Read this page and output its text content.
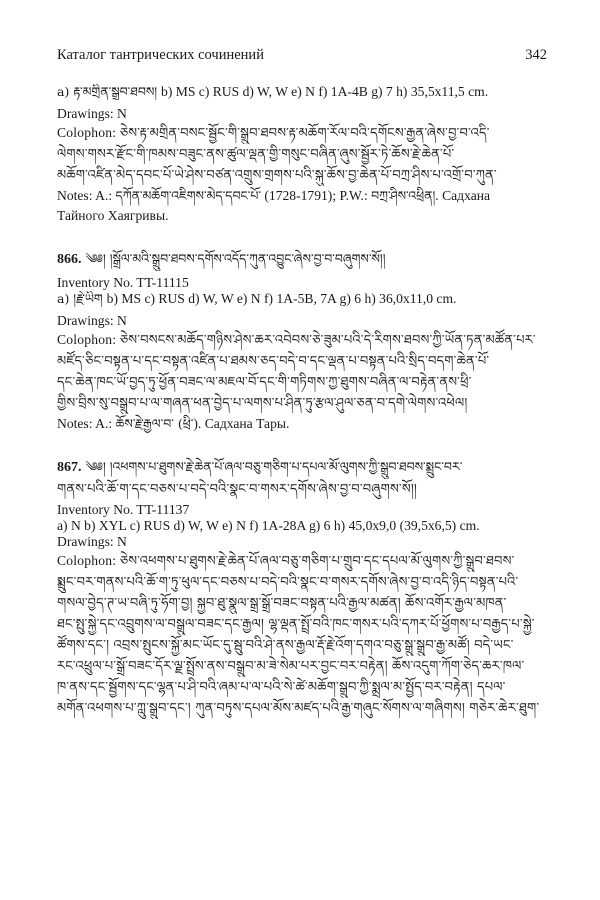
Каталог тантрических сочинений	342
a) རྟ་མགྲིན་སྒྲུབ་ཐབས། b) MS c) RUS d) W, W e) N f) 1A-4B g) 7 h) 35,5x11,5 cm.
Drawings: N
Colophon: ཅེས་རྟ་མགྲིན་བསང་སྦྱོང་གི་སྒྲུབ་ཐབས་རྟ་མཆོག་རོལ་བའི་དགོངས་རྒྱན་ཞེས་བྱ་བ་འདི་
ལེགས་གསར་རྫོང་གི་ཁམས་བཟུང་ནས་ཚུལ་ལྡན་གྱི་གསུང་བཞིན་ཞུས་སྦྱོར་ཏེ་ཆོས་རྗེ་ཆེན་པོ་
མཆོག་འཛིན་མེད་དབང་པོ་ཡེ་ཤེས་བཙན་འགྲུས་གྲགས་པའི་སྐུ་ཆོས་བྱ་ཆེན་པོ་བཀྲ་ཤིས་པ་འགྲོ་བ་ཀུན་
Notes: A.: དཀོན་མཆོག་འཇིགས་མེད་དབང་པོ་ (1728-1791); P.W.: བཀྲ་ཤིས་འཕྲིན།. Садхана
Тайного Хаягривы.
866. ༄༅། །སྒྲོལ་མའི་སྒྲུབ་ཐབས་དགོས་འདོད་ཀུན་འབྱུང་ཞེས་བྱ་བ་བཞུགས་སོ།།
Inventory No. TT-11115
a) །རྗེ་ཡིག b) MS c) RUS d) W, W e) N f) 1A-5B, 7A g) 6 h) 36,0x11,0 cm.
Drawings: N
Colophon: ཅེས་བསངས་མཆོད་གཉིས་ཤེས་ཆར་འབེབས་ཅེ་ཟུམ་པའི་དེ་རིགས་ཐབས་ཀྱི་ཡོན་ཏན་མཚོན་པར་
མཛོད་ཅིང་བསྟན་པ་དང་བསྟན་འཛིན་པ་ཐམས་ཅད་བདེ་བ་དང་ལྡན་པ་བསྟན་པའི་སྲིད་བདག་ཆེན་པོ་
དང་ཆེན་ཁང་ཡོ་བྱད་ཏུ་ཕྱོན་བཟང་ལ་མཇལ་བོ་དང་གི་གཏིགས་ཀྱ་ཐུགས་བཞིན་ལ་བརྟེན་ནས་ཕྲི་
གྱིས་བྲིས་སུ་བསྒྲུབ་པ་ལ་གཞན་ཕན་བྱེད་པ་ལགས་པ་ཤིན་ཏུ་རྩལ་ཤུལ་ཅན་བ་དགེ་ལེགས་འཕེལ།
Notes: A.: ཆོས་རྗེ་རྒྱལ་བ་ (ཕྲི་). Садхана Тары.
867. ༄༅། །འཕགས་པ་ཐུགས་རྗེ་ཆེན་པོ་ཞལ་བཅུ་གཅིག་པ་དཔལ་མོ་ལུགས་ཀྱི་སྒྲུབ་ཐབས་སྨྲུང་བར་
གནས་པའི་ཆོ་ག་དང་བཅས་པ་བདེ་བའི་སྣང་བ་གསར་དགོས་ཞེས་བྱ་བ་བཞུགས་སོ།།
Inventory No. TT-11137
a) N b) XYL c) RUS d) W, W e) N f) 1A-28A g) 6 h) 45,0x9,0 (39,5x6,5) cm.
Drawings: N
Colophon: ཅེས་འཕགས་པ་ཐུགས་རྗེ་ཆེན་པོ་ཞལ་བཅུ་གཅིག་པ་གྲུབ་དང་དཔལ་མོ་ལུགས་ཀྱི་སྒྲུབ་ཐབས་
སྨྲུང་བར་གནས་པའི་ཆོ་ག་ཏུ་ཕུལ་དང་བཅས་པ་བདེ་བའི་སྣང་བ་གསར་དགོས་ཞེས་བྱ་བ་འདི་ཉིད་བསྟན་པའི་
གསལ་བྱེད་ཊ་ཡ་བཞི་ཏུ་ཧོག་བྱ། སྐྱབ་ཐུ་སྣུལ་སྒྲ་སྒྲོ་བཟང་བསྟན་པའི་རྒྱལ་མཚན། ཆོས་འགོར་རྒྱལ་མཁན་
ཐང་སྤུ་སྐྱེ་དང་འབྲུགས་ལ་བསྒྲུལ་བཟང་དང་རྒྱལ། ལྷ་ལྡན་སྤྲོ་བའི་ཁང་གསར་པའི་དཀར་པོ་ཕྱོགས་པ་བརྒྱད་པ་སྐྱེ་
ཚོགས་དང་། འབྲས་སྤུངས་སྐྱོ་མང་ཡོང་དུ་སྦུ་བའི་ཤེ་ནས་རྒྱལ་རྡོ་རྗེ་འོག་དགའ་བཅུ་སྒྲུ་སྒྲུབ་རྒྱ་མཚོ། བདེ་ཡང་
རང་འཕྲུལ་པ་སྒྲོ་བཟང་དོར་ལྗ་སྤྲོས་ནས་བསྒྲུབ་མ་ཟེ་སེམ་པར་བྱང་བར་བརྟེན། ཆོས་འདུག་ཀོག་ཅེད་ཆར་ཁལ་
ཁ་ནས་དང་སྦྱོགས་དང་ལྷན་པ་ཤི་བའི་ཞམ་པ་ལ་པའི་སེ་ཚེ་མཆོག་སྒྲུབ་ཀྱི་སྨྲལ་མ་སྤྱོད་བར་བརྟེན། དཔལ་
མགོན་འཕགས་པ་ཀླུ་སྒྲུབ་དང་། ཀུན་བཏུས་དཔལ་མོས་མཛད་པའི་རྒྱ་གཞུང་སོགས་ལ་གཞིགས། གཅེར་ཆེར་ཐུག་
